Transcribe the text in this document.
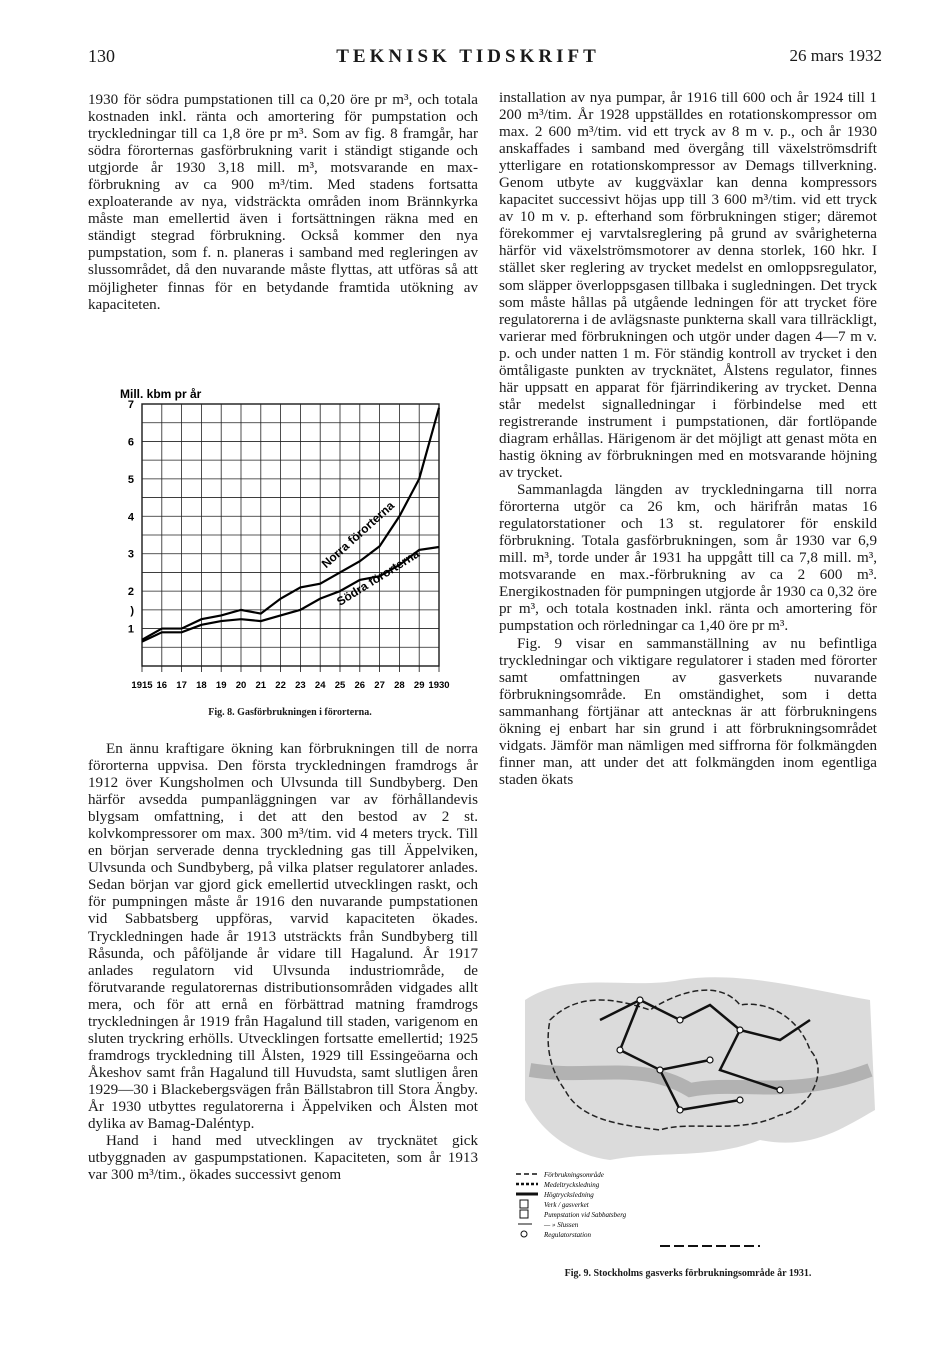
130	TEKNISK TIDSKRIFT	26 mars 1932

1930 för södra pumpstationen till ca 0,20 öre pr m³, och totala kostnaden inkl. ränta och amortering för pumpstation och tryckledningar till ca 1,8 öre pr m³. Som av fig. 8 framgår, har södra förorternas gasförbrukning varit i ständigt stigande och utgjorde år 1930 3,18 mill. m³, motsvarande en max-förbrukning av ca 900 m³/tim. Med stadens fortsatta exploaterande av nya, vidsträckta områden inom Brännkyrka måste man emellertid även i fortsättningen räkna med en ständigt stegrad förbrukning. Också kommer den nya pumpstation, som f. n. planeras i samband med regleringen av slussområdet, då den nuvarande måste flyttas, att utföras så att möjligheter finnas för en betydande framtida utökning av kapaciteten.

1915 16 17 18 19 20 21 22 23 24 25 26 27 28 29 1930
7
6
5
4
3
2
)
1
Mill. kbm pr år
Norra förorterna
Södra förorterna
Fig. 8. Gasförbrukningen i förorterna.

En ännu kraftigare ökning kan förbrukningen till de norra förorterna uppvisa. Den första tryckledningen framdrogs år 1912 över Kungsholmen och Ulvsunda till Sundbyberg. Den härför avsedda pumpanläggningen var av förhållandevis blygsam omfattning, i det att den bestod av 2 st. kolvkompressorer om max. 300 m³/tim. vid 4 meters tryck. Till en början serverade denna tryckledning gas till Äppelviken, Ulvsunda och Sundbyberg, på vilka platser regulatorer anlades. Sedan början var gjord gick emellertid utvecklingen raskt, och för pumpningen måste år 1916 den nuvarande pumpstationen vid Sabbatsberg uppföras, varvid kapaciteten ökades. Tryckledningen hade år 1913 utsträckts från Sundbyberg till Råsunda, och påföljande år vidare till Hagalund. År 1917 anlades regulatorn vid Ulvsunda industriområde, de förutvarande regulatorernas distributionsområden vidgades allt mera, och för att ernå en förbättrad matning framdrogs tryckledningen år 1919 från Hagalund till staden, varigenom en sluten tryckring erhölls. Utvecklingen fortsatte emellertid; 1925 framdrogs tryckledning till Ålsten, 1929 till Essingeöarna och Åkeshov samt från Hagalund till Huvudsta, samt slutligen åren 1929—30 i Blackebergsvägen från Bällstabron till Stora Ängby. År 1930 utbyttes regulatorerna i Äppelviken och Ålsten mot dylika av Bamag-Daléntyp.

Hand i hand med utvecklingen av trycknätet gick utbyggnaden av gaspumpstationen. Kapaciteten, som år 1913 var 300 m³/tim., ökades successivt genom

installation av nya pumpar, år 1916 till 600 och år 1924 till 1 200 m³/tim. År 1928 uppställdes en rotationskompressor om max. 2 600 m³/tim. vid ett tryck av 8 m v. p., och år 1930 anskaffades i samband med övergång till växelströmsdrift ytterligare en rotationskompressor av Demags tillverkning. Genom utbyte av kuggväxlar kan denna kompressors kapacitet successivt höjas upp till 3 600 m³/tim. vid ett tryck av 10 m v. p. efterhand som förbrukningen stiger; däremot förekommer ej varvtalsreglering på grund av svårigheterna härför vid växelströmsmotorer av denna storlek, 160 hkr. I stället sker reglering av trycket medelst en omloppsregulator, som släpper överloppsgasen tillbaka i sugledningen. Det tryck som måste hållas på utgående ledningen för att trycket före regulatorerna i de avlägsnaste punkterna skall vara tillräckligt, varierar med förbrukningen och utgör under dagen 4—7 m v. p. och under natten 1 m. För ständig kontroll av trycket i den ömtåligaste punkten av trycknätet, Ålstens regulator, finnes här uppsatt en apparat för fjärrindikering av trycket. Denna står medelst signalledningar i förbindelse med ett registrerande instrument i pumpstationen, där fortlöpande diagram erhållas. Härigenom är det möjligt att genast möta en hastig ökning av förbrukningen med en motsvarande höjning av trycket.

Sammanlagda längden av tryckledningarna till norra förorterna utgör ca 26 km, och härifrån matas 16 regulatorstationer och 13 st. regulatorer för enskild förbrukning. Totala gasförbrukningen, som år 1930 var 6,9 mill. m³, torde under år 1931 ha uppgått till ca 7,8 mill. m³, motsvarande en max.-förbrukning av ca 2 600 m³. Energikostnaden för pumpningen utgjorde år 1930 ca 0,32 öre pr m³, och totala kostnaden inkl. ränta och amortering för pumpstation och rörledningar ca 1,40 öre pr m³.

Fig. 9 visar en sammanställning av nu befintliga tryckledningar och viktigare regulatorer i staden med förorter samt omfattningen av gasverkets nuvarande förbrukningsområde. En omständighet, som i detta sammanhang förtjänar att antecknas är att förbrukningens ökning ej enbart har sin grund i att förbrukningsområdet vidgats. Jämför man nämligen med siffrorna för folkmängden finner man, att under det att folkmängden inom egentliga staden ökats

Förbrukningsområde
Medeltrycksledning
Högtrycksledning
Verk / gasverket
Pumpstation vid Sabbatsberg
— » Slussen
Regulatorstation
Fig. 9. Stockholms gasverks förbrukningsområde år 1931.
